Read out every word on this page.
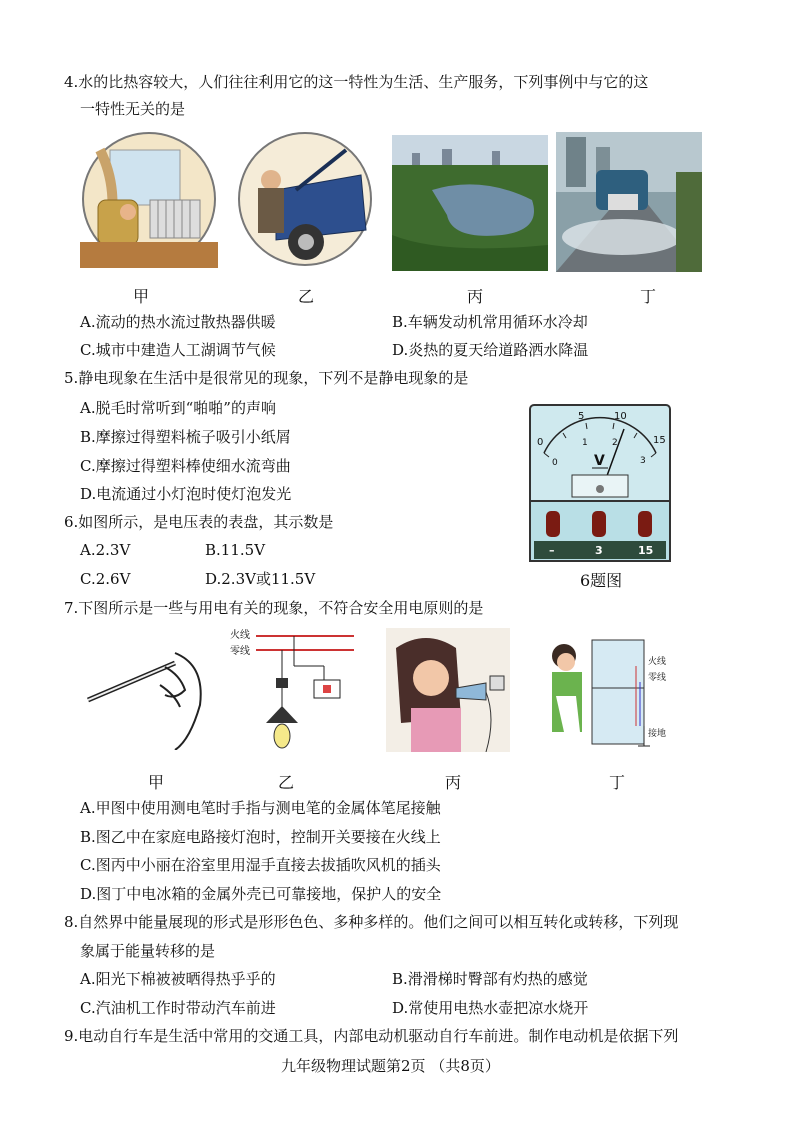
4.水的比热容较大，人们往往利用它的这一特性为生活、生产服务，下列事例中与它的这
一特性无关的是
甲	乙	丙	丁
A.流动的热水流过散热器供暖	B.车辆发动机常用循环水冷却
C.城市中建造人工湖调节气候	D.炎热的夏天给道路洒水降温
5.静电现象在生活中是很常见的现象，下列不是静电现象的是
A.脱毛时常听到“啪啪”的声响
B.摩擦过得塑料梳子吸引小纸屑
C.摩擦过得塑料棒使细水流弯曲
D.电流通过小灯泡时使灯泡发光
0
5	10
15
0
1	2
3
V
–	3	15
6题图
6.如图所示，是电压表的表盘，其示数是
A.2.3V	B.11.5V
C.2.6V	D.2.3V或11.5V
7.下图所示是一些与用电有关的现象，不符合安全用电原则的是
火线
零线
火线
零线
接地
甲	乙	丙	丁
A.甲图中使用测电笔时手指与测电笔的金属体笔尾接触
B.图乙中在家庭电路接灯泡时，控制开关要接在火线上
C.图丙中小丽在浴室里用湿手直接去拔插吹风机的插头
D.图丁中电冰箱的金属外壳已可靠接地，保护人的安全
8.自然界中能量展现的形式是形形色色、多种多样的。他们之间可以相互转化或转移，下列现
象属于能量转移的是
A.阳光下棉被被晒得热乎乎的	B.滑滑梯时臀部有灼热的感觉
C.汽油机工作时带动汽车前进	D.常使用电热水壶把凉水烧开
9.电动自行车是生活中常用的交通工具，内部电动机驱动自行车前进。制作电动机是依据下列
九年级物理试题第2页 （共8页）
